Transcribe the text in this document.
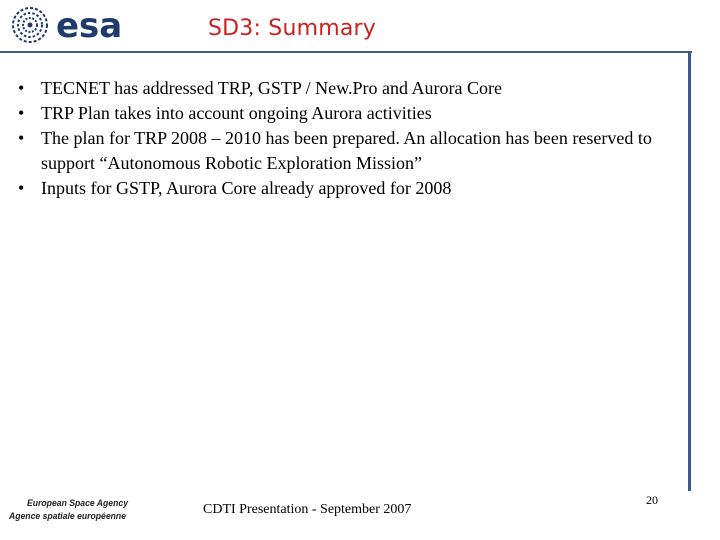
esa	SD3: Summary
• TECNET has addressed TRP, GSTP / New.Pro and Aurora Core
• TRP Plan takes into account ongoing Aurora activities
• The plan for TRP 2008 – 2010 has been prepared. An allocation has been reserved to support “Autonomous Robotic Exploration Mission”
• Inputs for GSTP, Aurora Core already approved for 2008
European Space Agency
Agence spatiale européenne	CDTI Presentation - September 2007
20
